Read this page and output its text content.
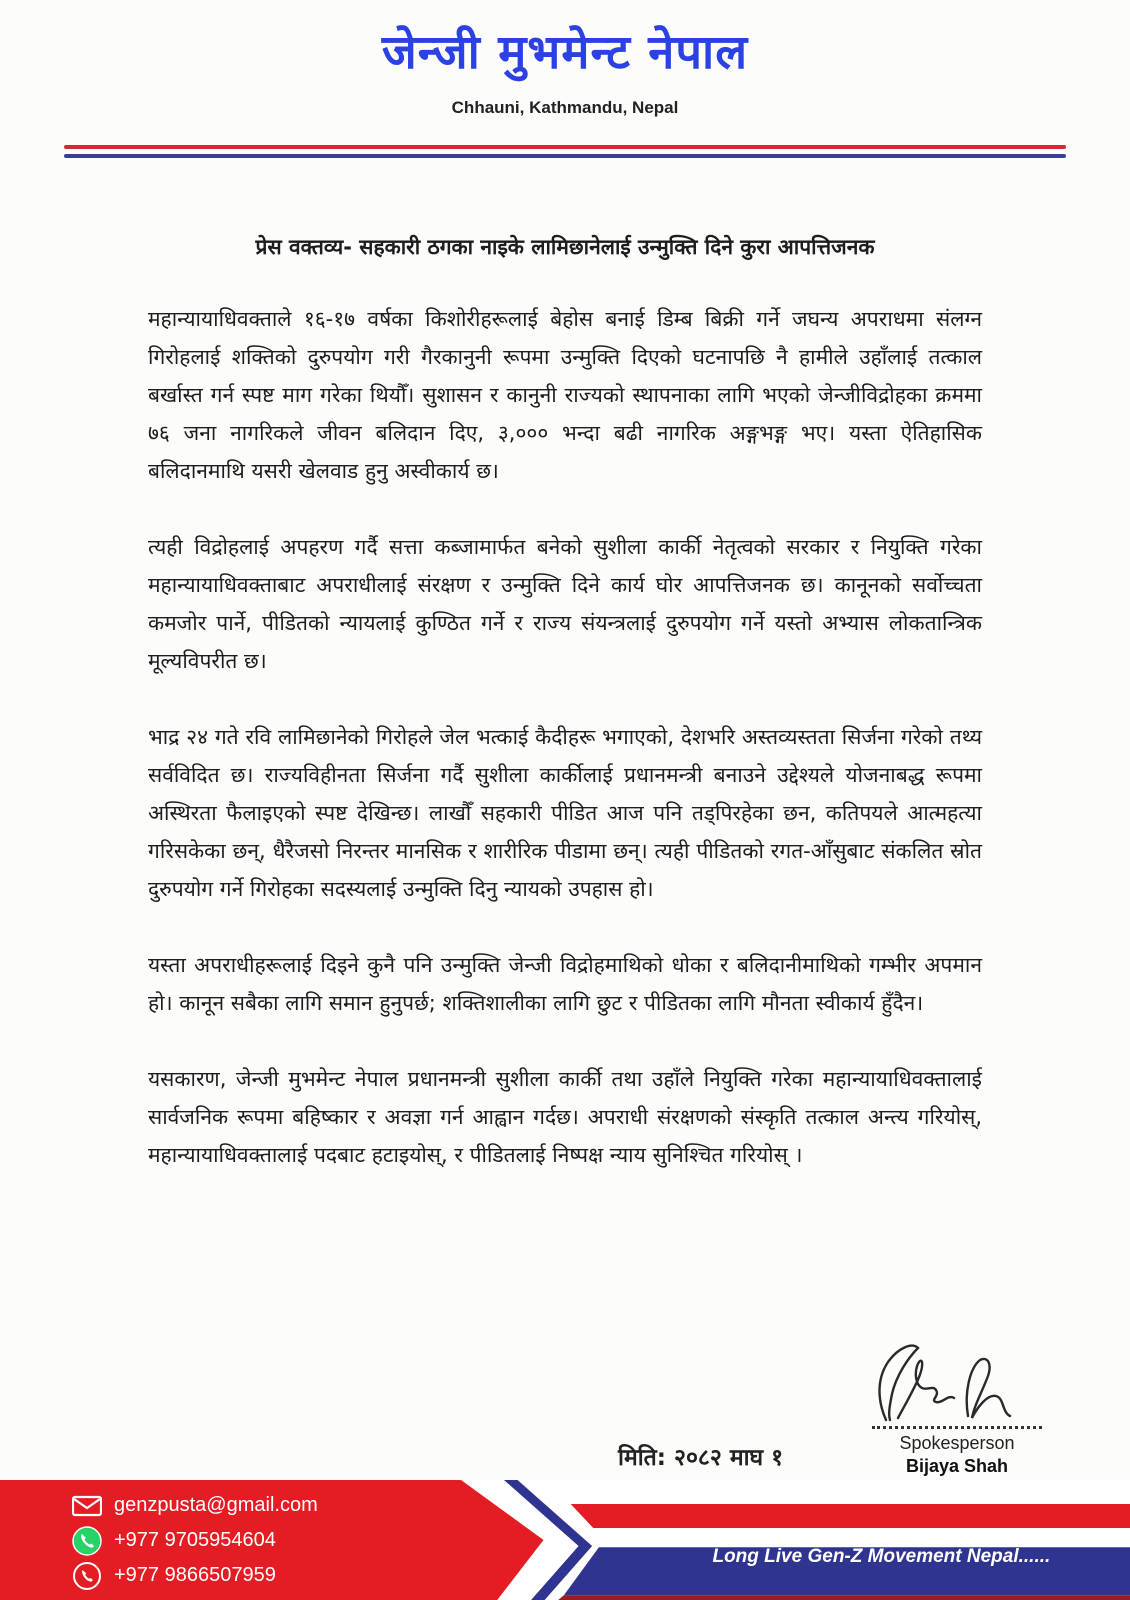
जेन्जी मुभमेन्ट नेपाल
Chhauni, Kathmandu, Nepal
प्रेस वक्तव्य- सहकारी ठगका नाइके लामिछानेलाई उन्मुक्ति दिने कुरा आपत्तिजनक

महान्यायाधिवक्ताले १६-१७ वर्षका किशोरीहरूलाई बेहोस बनाई डिम्ब बिक्री गर्ने जघन्य अपराधमा संलग्न गिरोहलाई शक्तिको दुरुपयोग गरी गैरकानुनी रूपमा उन्मुक्ति दिएको घटनापछि नै हामीले उहाँलाई तत्काल बर्खास्त गर्न स्पष्ट माग गरेका थियौँ। सुशासन र कानुनी राज्यको स्थापनाका लागि भएको जेन्जीविद्रोहका क्रममा ७६ जना नागरिकले जीवन बलिदान दिए, ३,००० भन्दा बढी नागरिक अङ्गभङ्ग भए। यस्ता ऐतिहासिक बलिदानमाथि यसरी खेलवाड हुनु अस्वीकार्य छ।

त्यही विद्रोहलाई अपहरण गर्दै सत्ता कब्जामार्फत बनेको सुशीला कार्की नेतृत्वको सरकार र नियुक्ति गरेका महान्यायाधिवक्ताबाट अपराधीलाई संरक्षण र उन्मुक्ति दिने कार्य घोर आपत्तिजनक छ। कानूनको सर्वोच्चता कमजोर पार्ने, पीडितको न्यायलाई कुण्ठित गर्ने र राज्य संयन्त्रलाई दुरुपयोग गर्ने यस्तो अभ्यास लोकतान्त्रिक मूल्यविपरीत छ।

भाद्र २४ गते रवि लामिछानेको गिरोहले जेल भत्काई कैदीहरू भगाएको, देशभरि अस्तव्यस्तता सिर्जना गरेको तथ्य सर्वविदित छ। राज्यविहीनता सिर्जना गर्दै सुशीला कार्कीलाई प्रधानमन्त्री बनाउने उद्देश्यले योजनाबद्ध रूपमा अस्थिरता फैलाइएको स्पष्ट देखिन्छ। लाखौँ सहकारी पीडित आज पनि तड्पिरहेका छन, कतिपयले आत्महत्या गरिसकेका छन्, धैरैजसो निरन्तर मानसिक र शारीरिक पीडामा छन्। त्यही पीडितको रगत-आँसुबाट संकलित स्रोत दुरुपयोग गर्ने गिरोहका सदस्यलाई उन्मुक्ति दिनु न्यायको उपहास हो।

यस्ता अपराधीहरूलाई दिइने कुनै पनि उन्मुक्ति जेन्जी विद्रोहमाथिको धोका र बलिदानीमाथिको गम्भीर अपमान हो। कानून सबैका लागि समान हुनुपर्छ; शक्तिशालीका लागि छुट र पीडितका लागि मौनता स्वीकार्य हुँदैन।

यसकारण, जेन्जी मुभमेन्ट नेपाल प्रधानमन्त्री सुशीला कार्की तथा उहाँले नियुक्ति गरेका महान्यायाधिवक्तालाई सार्वजनिक रूपमा बहिष्कार र अवज्ञा गर्न आह्वान गर्दछ। अपराधी संरक्षणको संस्कृति तत्काल अन्त्य गरियोस्, महान्यायाधिवक्तालाई पदबाट हटाइयोस्, र पीडितलाई निष्पक्ष न्याय सुनिश्चित गरियोस् ।

मिति: २०८२ माघ १
Spokesperson
Bijaya Shah
genzpusta@gmail.com
+977 9705954604
+977 9866507959
Long Live Gen-Z Movement Nepal......
